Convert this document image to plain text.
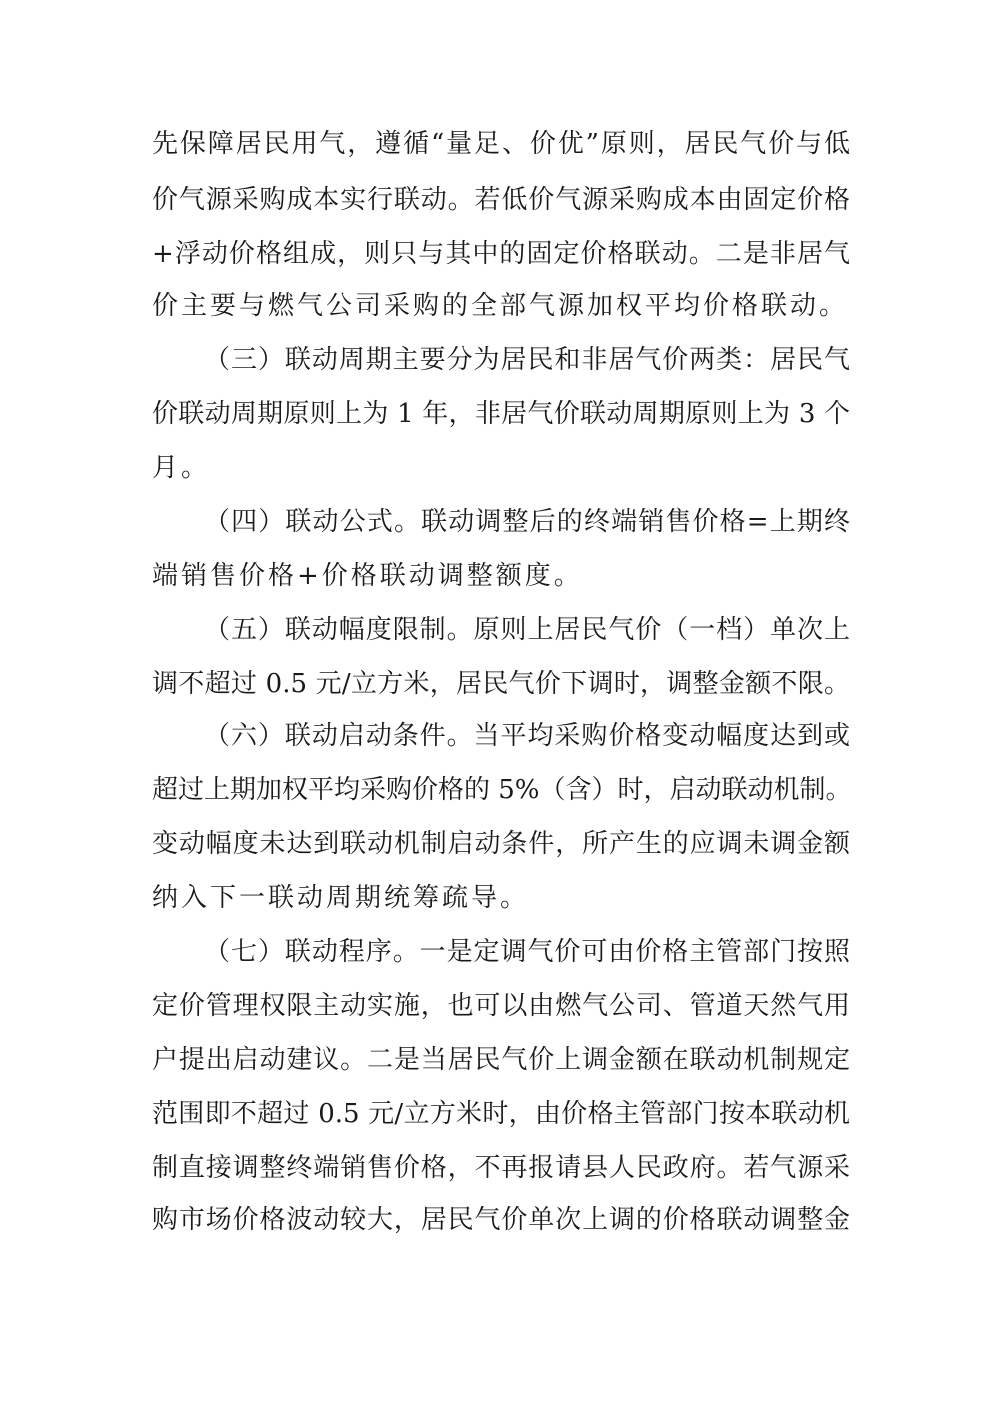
先保障居民用气，遵循“量足、价优”原则，居民气价与低
价气源采购成本实行联动。若低价气源采购成本由固定价格
+浮动价格组成，则只与其中的固定价格联动。二是非居气
价主要与燃气公司采购的全部气源加权平均价格联动。
（三）联动周期主要分为居民和非居气价两类：居民气
价联动周期原则上为 1 年，非居气价联动周期原则上为 3 个
月。
（四）联动公式。联动调整后的终端销售价格=上期终
端销售价格+价格联动调整额度。
（五）联动幅度限制。原则上居民气价（一档）单次上
调不超过 0.5 元/立方米，居民气价下调时，调整金额不限。
（六）联动启动条件。当平均采购价格变动幅度达到或
超过上期加权平均采购价格的 5%（含）时，启动联动机制。
变动幅度未达到联动机制启动条件，所产生的应调未调金额
纳入下一联动周期统筹疏导。
（七）联动程序。一是定调气价可由价格主管部门按照
定价管理权限主动实施，也可以由燃气公司、管道天然气用
户提出启动建议。二是当居民气价上调金额在联动机制规定
范围即不超过 0.5 元/立方米时，由价格主管部门按本联动机
制直接调整终端销售价格，不再报请县人民政府。若气源采
购市场价格波动较大，居民气价单次上调的价格联动调整金
